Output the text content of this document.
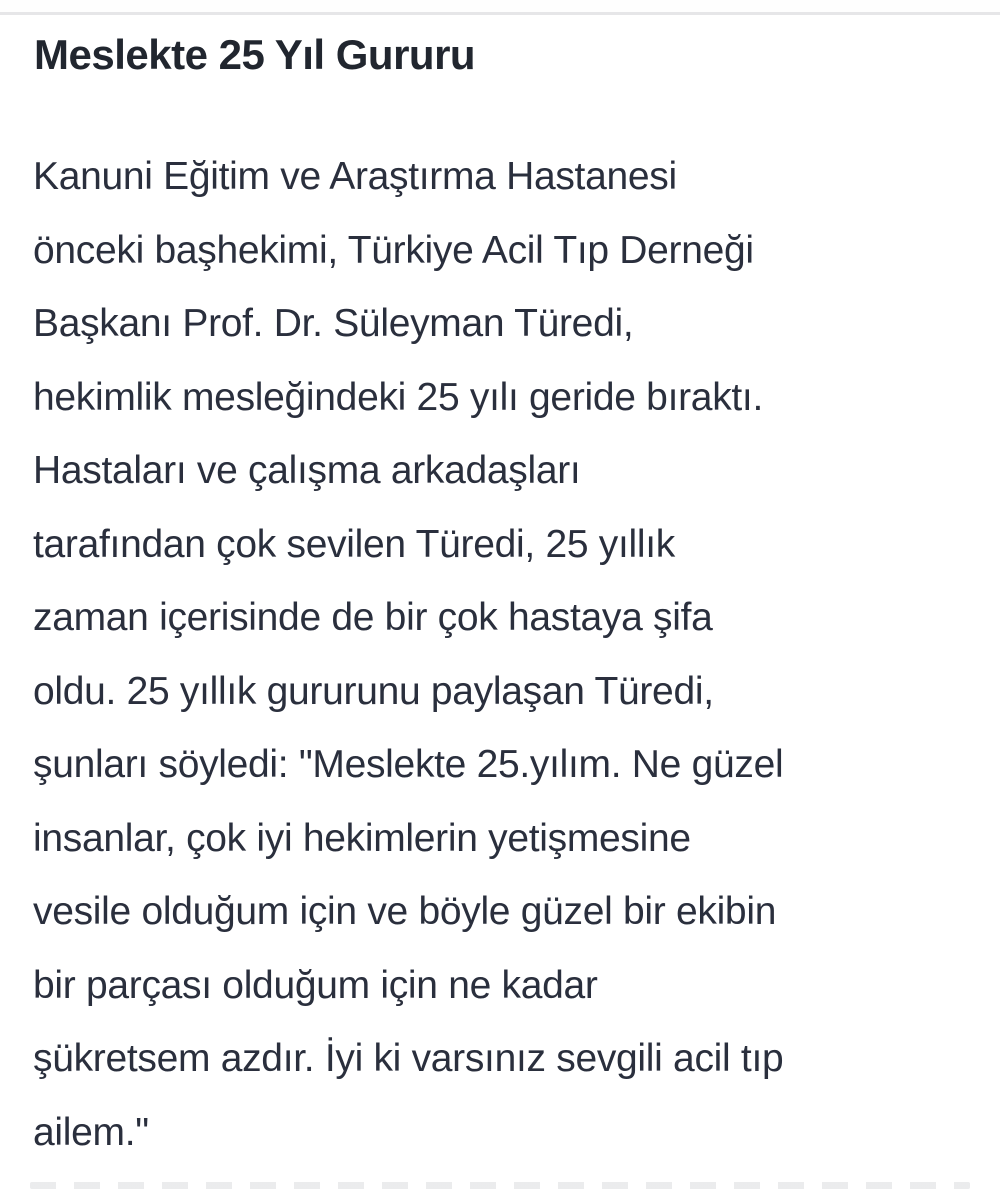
Meslekte 25 Yıl Gururu
Kanuni Eğitim ve Araştırma Hastanesi
önceki başhekimi, Türkiye Acil Tıp Derneği
Başkanı Prof. Dr. Süleyman Türedi,
hekimlik mesleğindeki 25 yılı geride bıraktı.
Hastaları ve çalışma arkadaşları
tarafından çok sevilen Türedi, 25 yıllık
zaman içerisinde de bir çok hastaya şifa
oldu. 25 yıllık gururunu paylaşan Türedi,
şunları söyledi: "Meslekte 25.yılım. Ne güzel
insanlar, çok iyi hekimlerin yetişmesine
vesile olduğum için ve böyle güzel bir ekibin
bir parçası olduğum için ne kadar
şükretsem azdır. İyi ki varsınız sevgili acil tıp
ailem."
